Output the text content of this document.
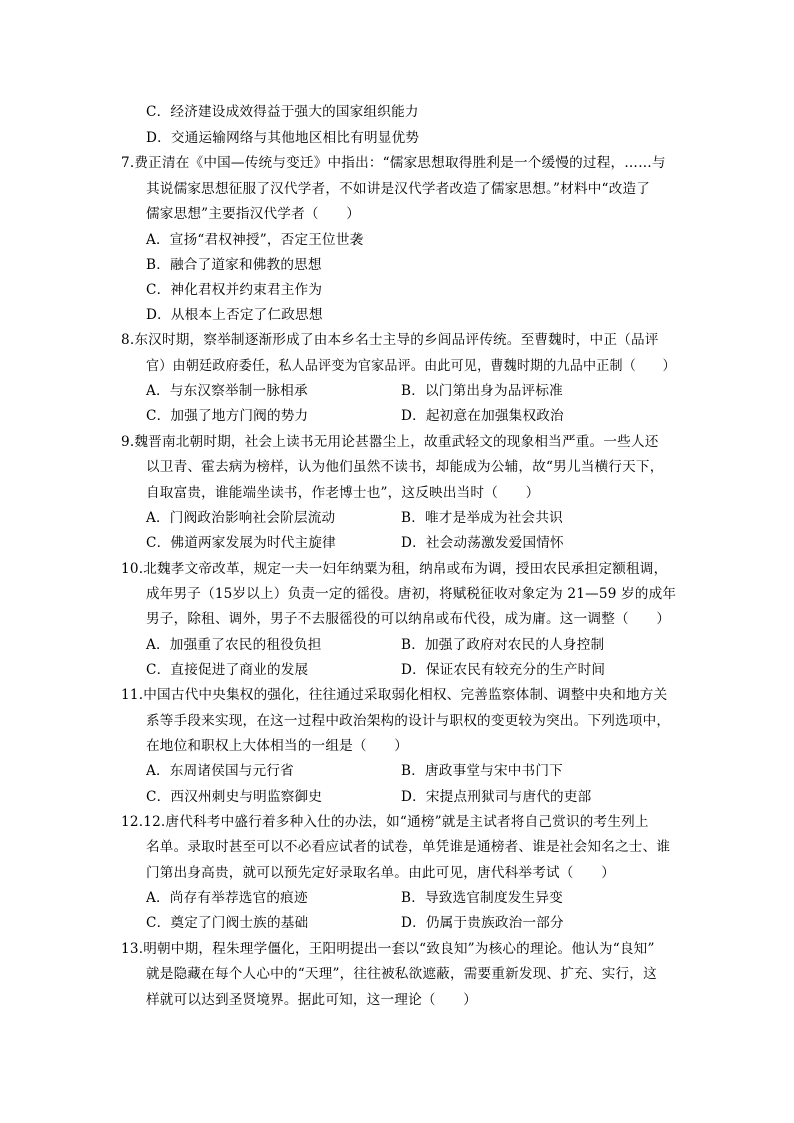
C．经济建设成效得益于强大的国家组织能力
D．交通运输网络与其他地区相比有明显优势
7.费正清在《中国—传统与变迁》中指出：“儒家思想取得胜利是一个缓慢的过程，……与
其说儒家思想征服了汉代学者，不如讲是汉代学者改造了儒家思想。”材料中“改造了
儒家思想”主要指汉代学者（　　）
A．宣扬“君权神授”，否定王位世袭
B．融合了道家和佛教的思想
C．神化君权并约束君主作为
D．从根本上否定了仁政思想
8.东汉时期，察举制逐渐形成了由本乡名士主导的乡闾品评传统。至曹魏时，中正（品评
官）由朝廷政府委任，私人品评变为官家品评。由此可见，曹魏时期的九品中正制（　　）
A．与东汉察举制一脉相承	B．以门第出身为品评标准
C．加强了地方门阀的势力	D．起初意在加强集权政治
9.魏晋南北朝时期，社会上读书无用论甚嚣尘上，故重武轻文的现象相当严重。一些人还
以卫青、霍去病为榜样，认为他们虽然不读书，却能成为公辅，故“男儿当横行天下，
自取富贵，谁能端坐读书，作老博士也”，这反映出当时（　　）
A．门阀政治影响社会阶层流动	B．唯才是举成为社会共识
C．佛道两家发展为时代主旋律	D．社会动荡激发爱国情怀
10.北魏孝文帝改革，规定一夫一妇年纳粟为租，纳帛或布为调，授田农民承担定额租调，
成年男子（15岁以上）负责一定的徭役。唐初，将赋税征收对象定为 21—59 岁的成年
男子，除租、调外，男子不去服徭役的可以纳帛或布代役，成为庸。这一调整（　　）
A．加强重了农民的租役负担	B．加强了政府对农民的人身控制
C．直接促进了商业的发展	D．保证农民有较充分的生产时间
11.中国古代中央集权的强化，往往通过采取弱化相权、完善监察体制、调整中央和地方关
系等手段来实现，在这一过程中政治架构的设计与职权的变更较为突出。下列选项中，
在地位和职权上大体相当的一组是（　　）
A．东周诸侯国与元行省	B．唐政事堂与宋中书门下
C．西汉州刺史与明监察御史	D．宋提点刑狱司与唐代的吏部
12.12.唐代科考中盛行着多种入仕的办法，如“通榜”就是主试者将自己赏识的考生列上
名单。录取时甚至可以不必看应试者的试卷，单凭谁是通榜者、谁是社会知名之士、谁
门第出身高贵，就可以预先定好录取名单。由此可见，唐代科举考试（　　）
A．尚存有举荐选官的痕迹	B．导致选官制度发生异变
C．奠定了门阀士族的基础	D．仍属于贵族政治一部分
13.明朝中期，程朱理学僵化，王阳明提出一套以“致良知”为核心的理论。他认为“良知”
就是隐藏在每个人心中的“天理”，往往被私欲遮蔽，需要重新发现、扩充、实行，这
样就可以达到圣贤境界。据此可知，这一理论（　　）
